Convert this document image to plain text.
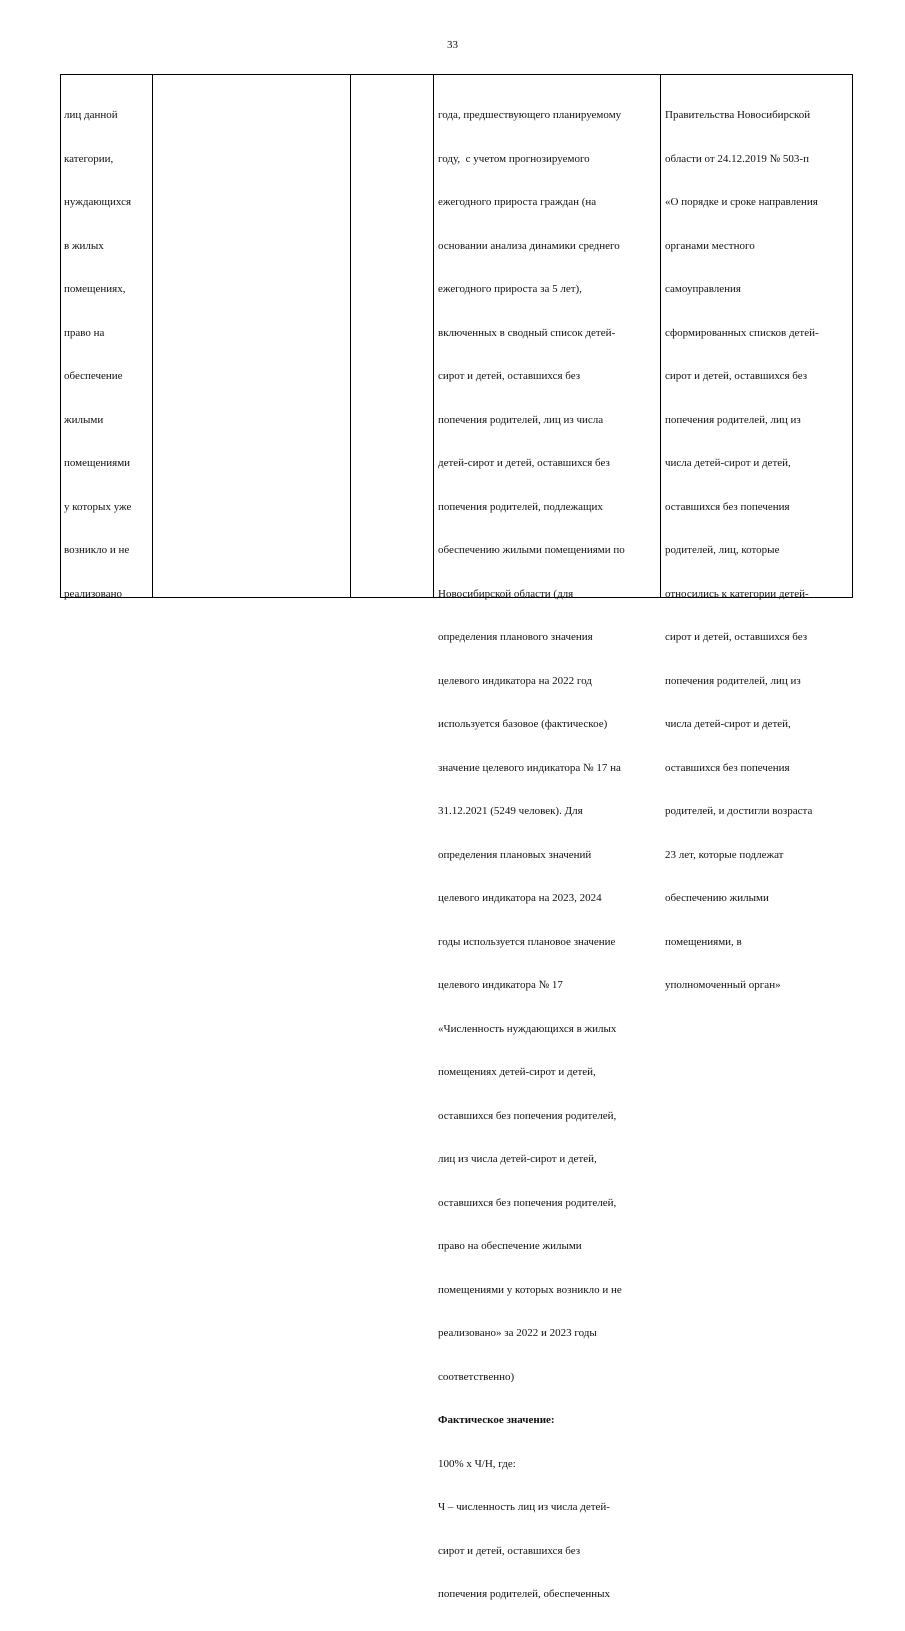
33

лиц данной

категории,

нуждающихся

в жилых

помещениях,

право на

обеспечение

жилыми

помещениями

у которых уже

возникло и не

реализовано

года, предшествующего планируемому

году,  с учетом прогнозируемого

ежегодного прироста граждан (на

основании анализа динамики среднего

ежегодного прироста за 5 лет),

включенных в сводный список детей-

сирот и детей, оставшихся без

попечения родителей, лиц из числа

детей-сирот и детей, оставшихся без

попечения родителей, подлежащих

обеспечению жилыми помещениями по

Новосибирской области (для

определения планового значения

целевого индикатора на 2022 год

используется базовое (фактическое)

значение целевого индикатора № 17 на

31.12.2021 (5249 человек). Для

определения плановых значений

целевого индикатора на 2023, 2024

годы используется плановое значение

целевого индикатора № 17

«Численность нуждающихся в жилых

помещениях детей-сирот и детей,

оставшихся без попечения родителей,

лиц из числа детей-сирот и детей,

оставшихся без попечения родителей,

право на обеспечение жилыми

помещениями у которых возникло и не

реализовано» за 2022 и 2023 годы

соответственно)

Фактическое значение:

100% х Ч/Н, где:

Ч – численность лиц из числа детей-

сирот и детей, оставшихся без

попечения родителей, обеспеченных

Правительства Новосибирской

области от 24.12.2019 № 503-п

«О порядке и сроке направления

органами местного

самоуправления

сформированных списков детей-

сирот и детей, оставшихся без

попечения родителей, лиц из

числа детей-сирот и детей,

оставшихся без попечения

родителей, лиц, которые

относились к категории детей-

сирот и детей, оставшихся без

попечения родителей, лиц из

числа детей-сирот и детей,

оставшихся без попечения

родителей, и достигли возраста

23 лет, которые подлежат

обеспечению жилыми

помещениями, в

уполномоченный орган»
